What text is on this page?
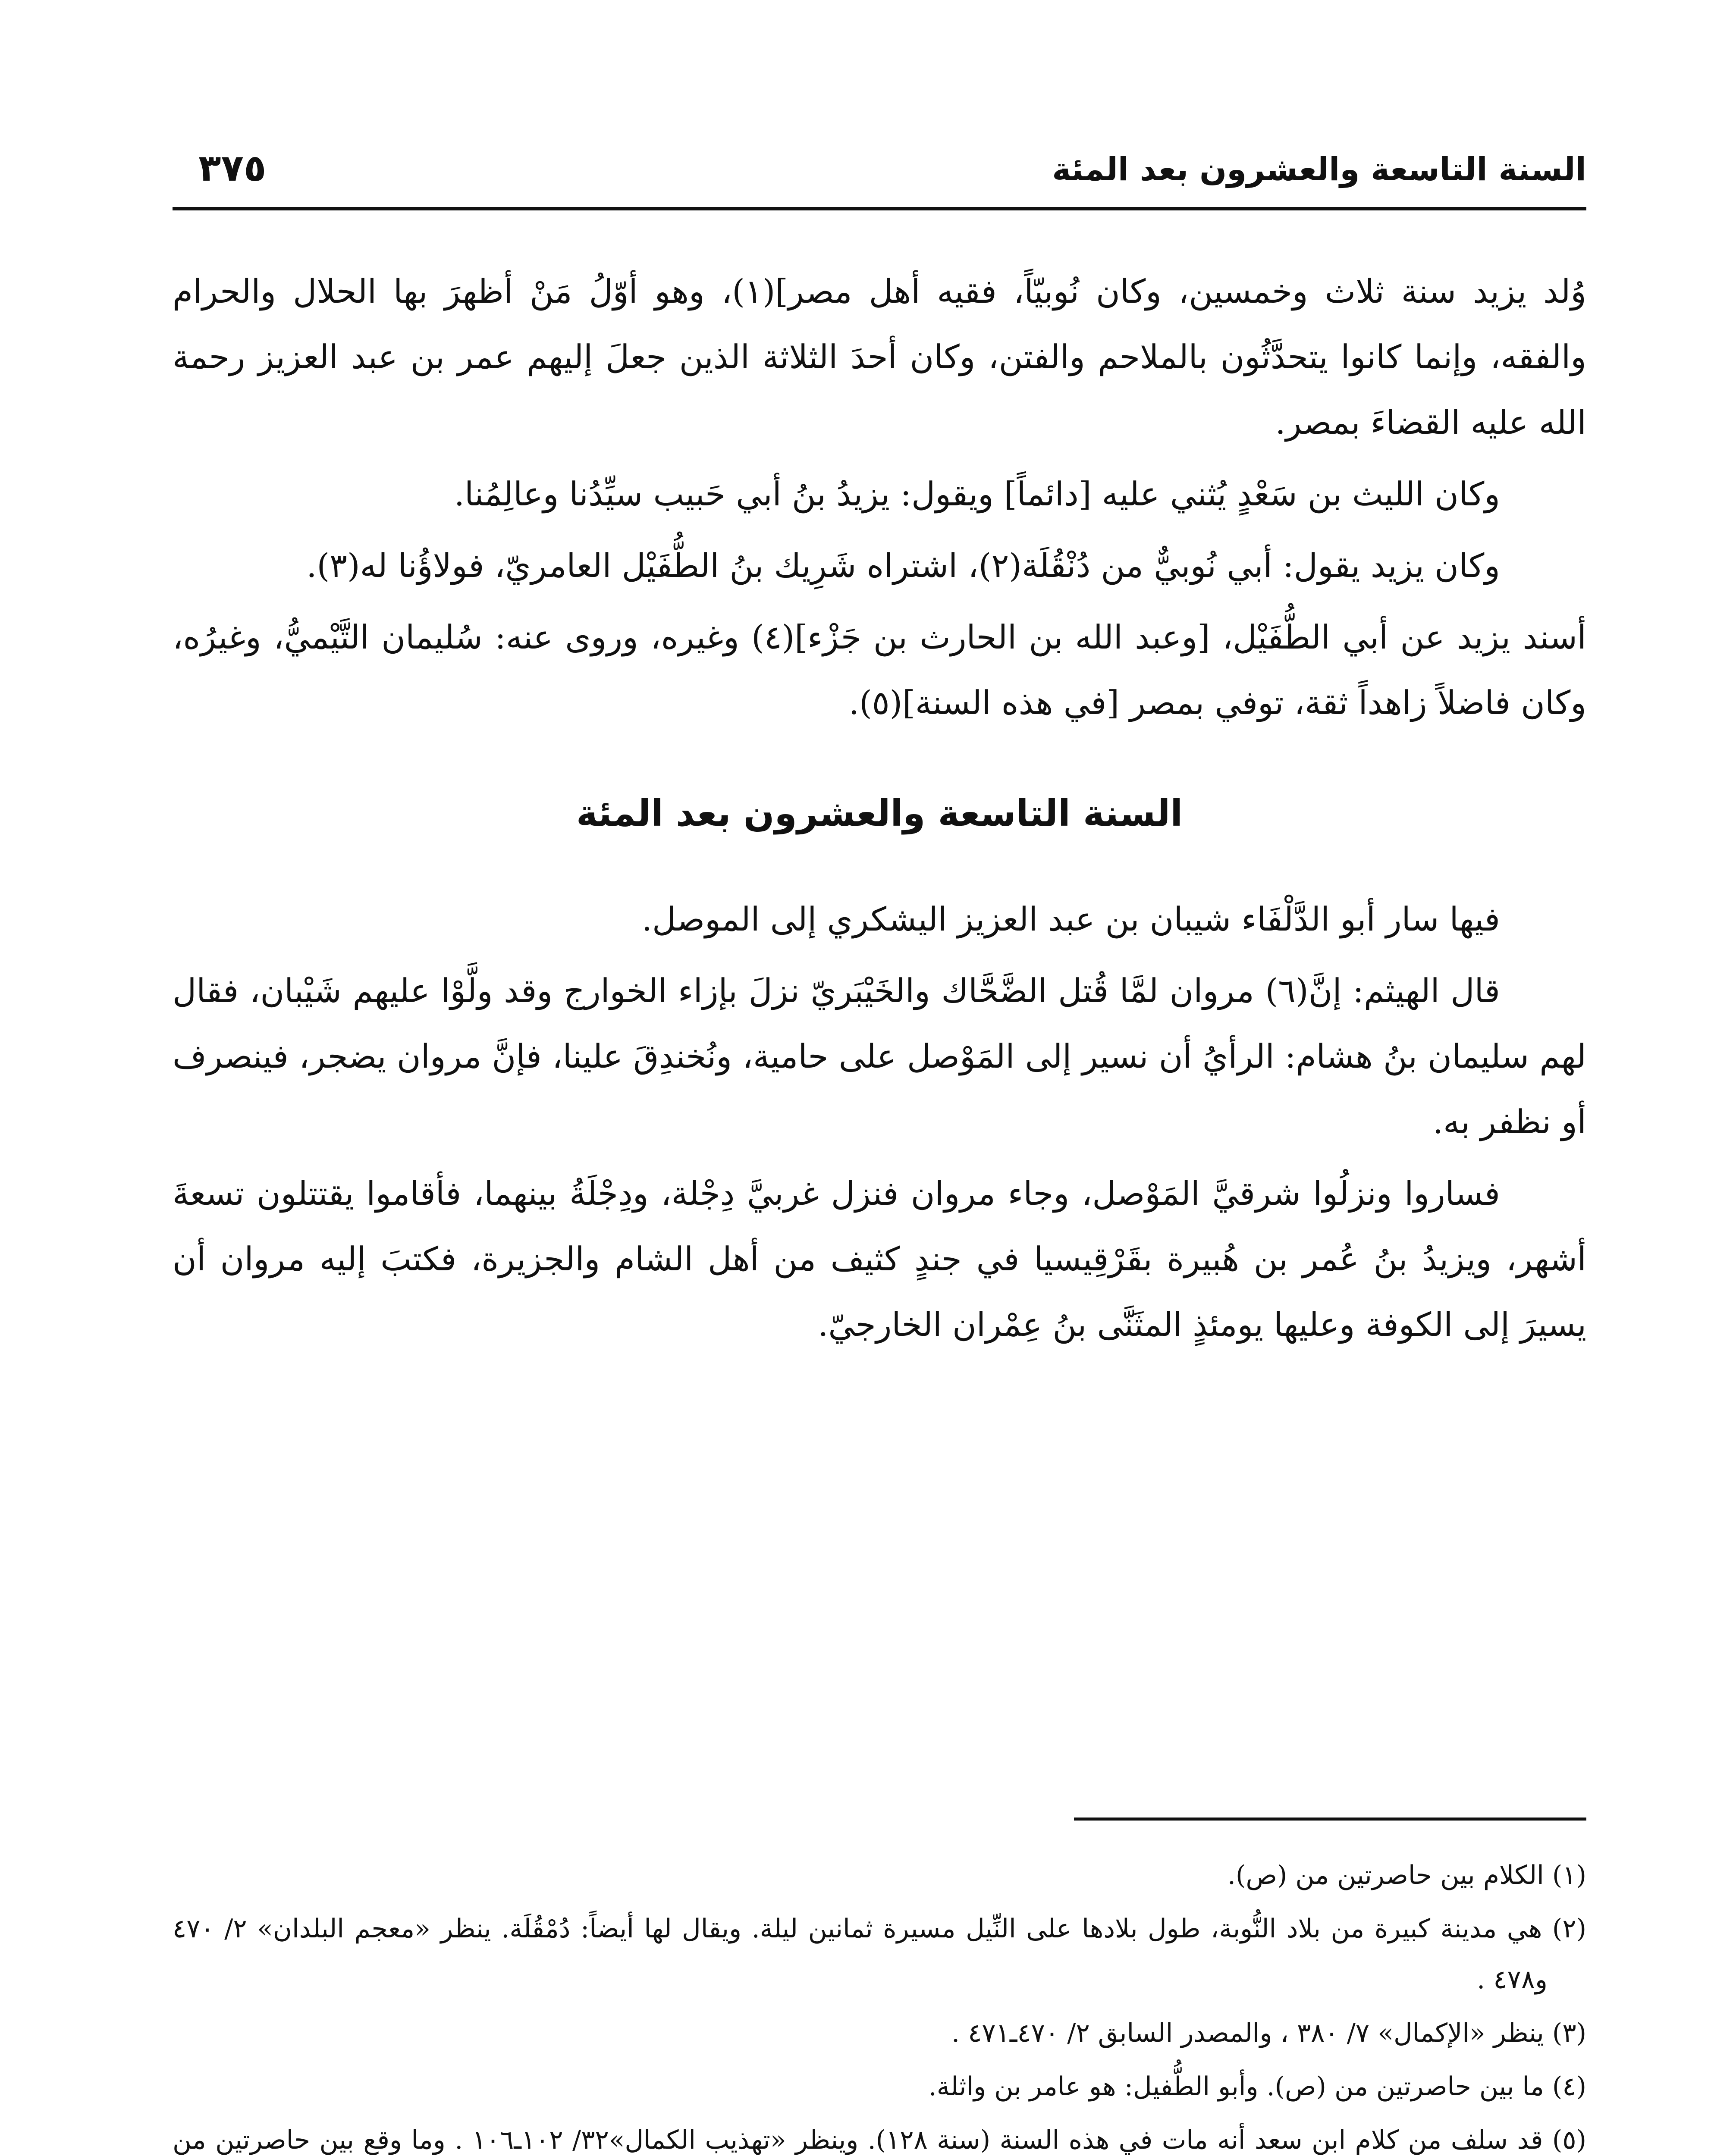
السنة التاسعة والعشرون بعد المئة
٣٧٥

وُلد يزيد سنة ثلاث وخمسين، وكان نُوبيّاً، فقيه أهل مصر](١)، وهو أوّلُ مَنْ أظهرَ بها الحلال والحرام والفقه، وإنما كانوا يتحدَّثُون بالملاحم والفتن، وكان أحدَ الثلاثة الذين جعلَ إليهم عمر بن عبد العزيز رحمة الله عليه القضاءَ بمصر.

وكان الليث بن سَعْدٍ يُثني عليه [دائماً] ويقول: يزيدُ بنُ أبي حَبيب سيِّدُنا وعالِمُنا.

وكان يزيد يقول: أبي نُوبيٌّ من دُنْقُلَة(٢)، اشتراه شَرِيك بنُ الطُّفَيْل العامريّ، فولاؤُنا له(٣).

أسند يزيد عن أبي الطُّفَيْل، [وعبد الله بن الحارث بن جَزْء](٤) وغيره، وروى عنه: سُليمان التَّيْميُّ، وغيرُه، وكان فاضلاً زاهداً ثقة، توفي بمصر [في هذه السنة](٥).

السنة التاسعة والعشرون بعد المئة

فيها سار أبو الدَّلْفَاء شيبان بن عبد العزيز اليشكري إلى الموصل.

قال الهيثم: إنَّ(٦) مروان لمَّا قُتل الضَّحَّاك والخَيْبَريّ نزلَ بإزاء الخوارج وقد ولَّوْا عليهم شَيْبان، فقال لهم سليمان بنُ هشام: الرأيُ أن نسير إلى المَوْصل على حامية، ونُخندِقَ علينا، فإنَّ مروان يضجر، فينصرف أو نظفر به.

فساروا ونزلُوا شرقيَّ المَوْصل، وجاء مروان فنزل غربيَّ دِجْلة، ودِجْلَةُ بينهما، فأقاموا يقتتلون تسعةَ أشهر، ويزيدُ بنُ عُمر بن هُبيرة بقَرْقِيسيا في جندٍ كثيف من أهل الشام والجزيرة، فكتبَ إليه مروان أن يسيرَ إلى الكوفة وعليها يومئذٍ المثَنَّى بنُ عِمْران الخارجيّ.

(١) الكلام بين حاصرتين من (ص).

(٢) هي مدينة كبيرة من بلاد النُّوبة، طول بلادها على النِّيل مسيرة ثمانين ليلة. ويقال لها أيضاً: دُمْقُلَة. ينظر «معجم البلدان» ٢/ ٤٧٠ و٤٧٨ .

(٣) ينظر «الإكمال» ٧/ ٣٨٠ ، والمصدر السابق ٢/ ٤٧٠ـ٤٧١ .

(٤) ما بين حاصرتين من (ص). وأبو الطُّفيل: هو عامر بن واثلة.

(٥) قد سلف من كلام ابن سعد أنه مات في هذه السنة (سنة ١٢٨). وينظر «تهذيب الكمال»٣٢/ ١٠٢ـ١٠٦ . وما وقع بين حاصرتين من
